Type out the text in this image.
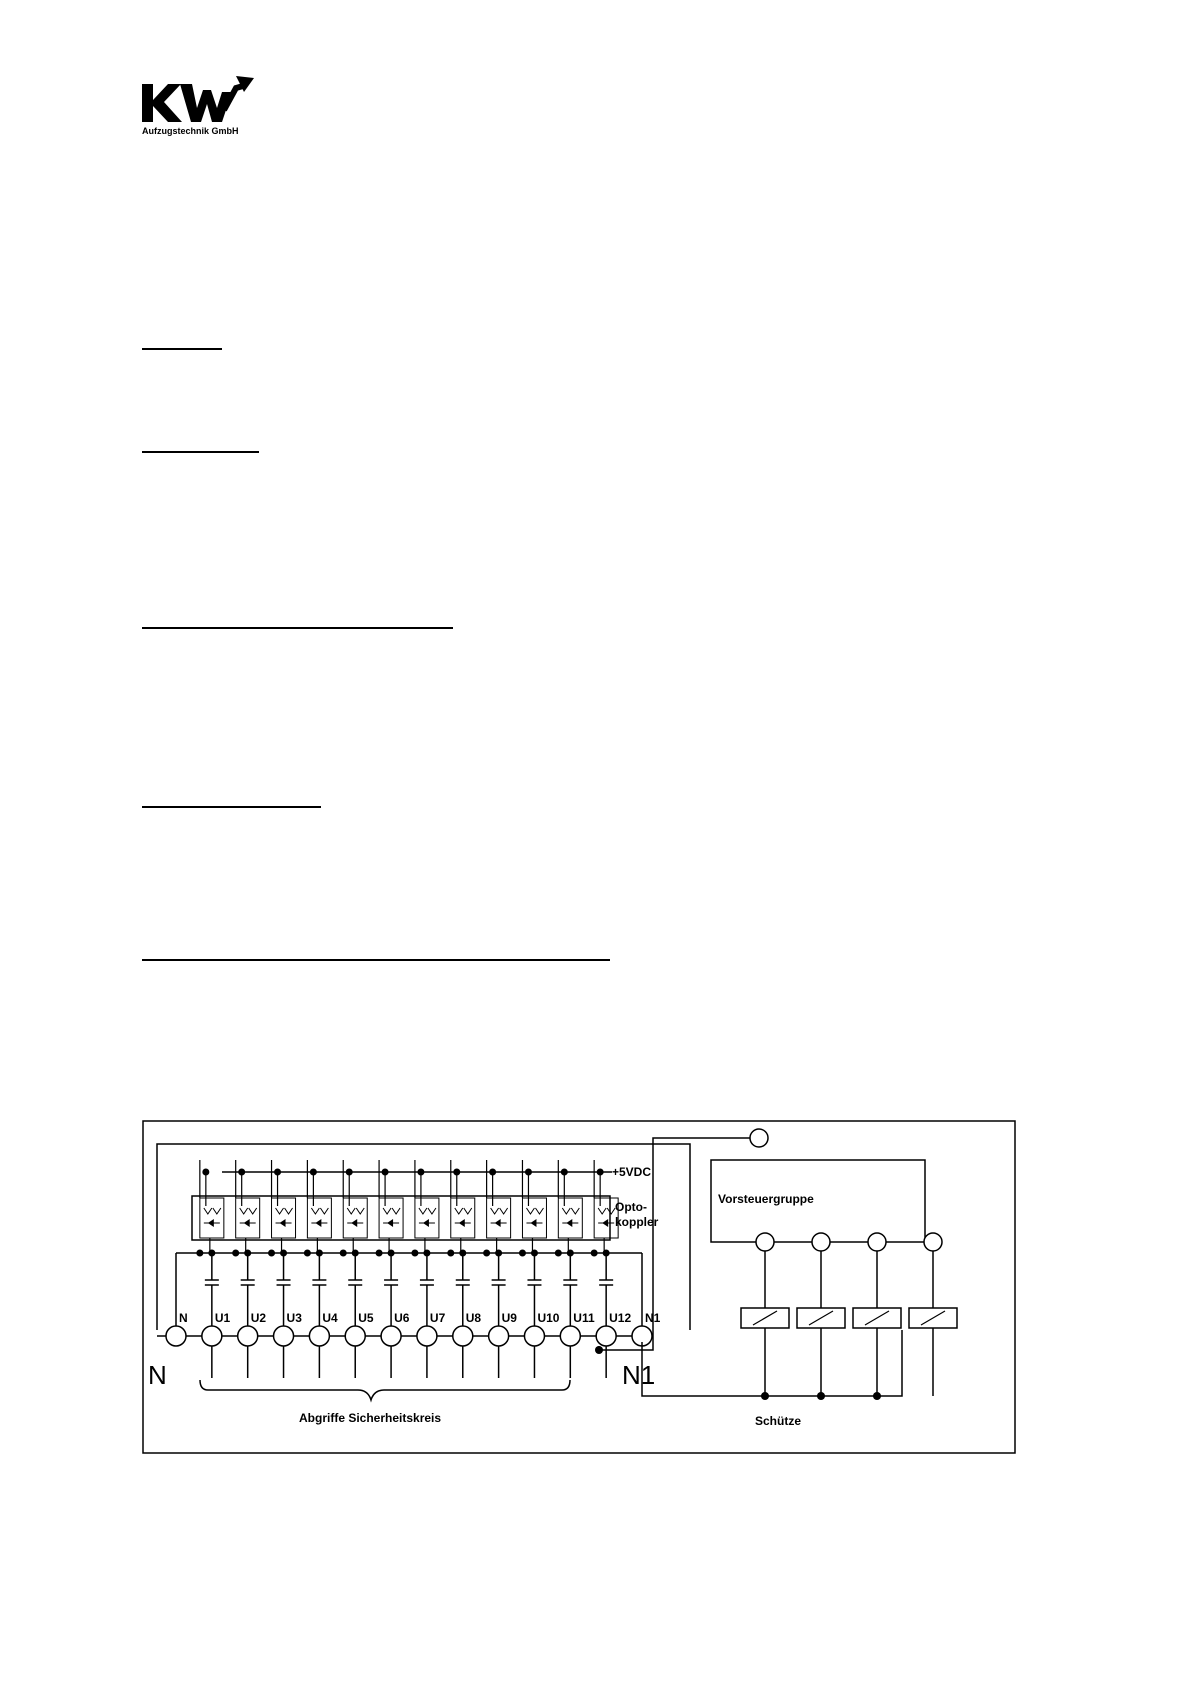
Aufzugstechnik GmbH
+5VDC
Opto-
koppler
N U1 U2 U3 U4 U5 U6 U7 U8 U9 U10 U11 U12 N1
Abgriffe Sicherheitskreis
N	N1
Vorsteuergruppe
Schütze
